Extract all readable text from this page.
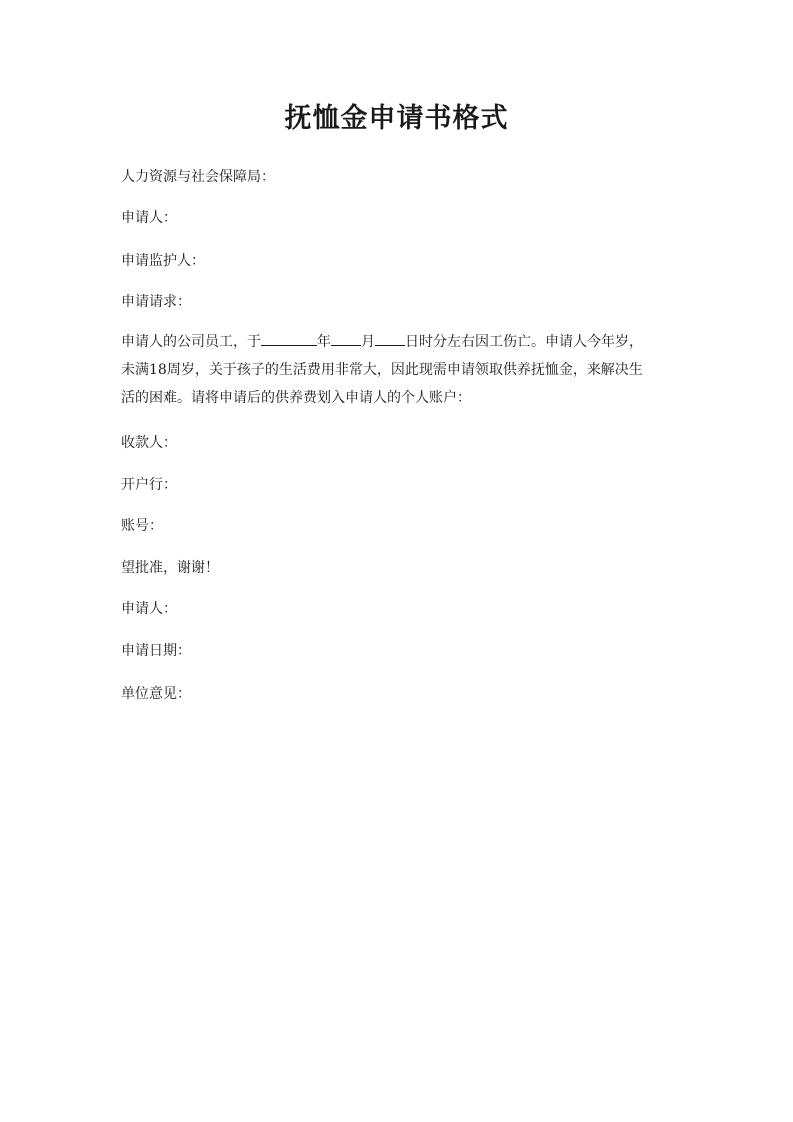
抚恤金申请书格式
人力资源与社会保障局：
申请人：
申请监护人：
申请请求：
申请人的公司员工，于	年 月 日时分左右因工伤亡。申请人今年岁，
未满18周岁，关于孩子的生活费用非常大，因此现需申请领取供养抚恤金，来解决生
活的困难。请将申请后的供养费划入申请人的个人账户：
收款人：
开户行：
账号：
望批准，谢谢！
申请人：
申请日期：
单位意见：
